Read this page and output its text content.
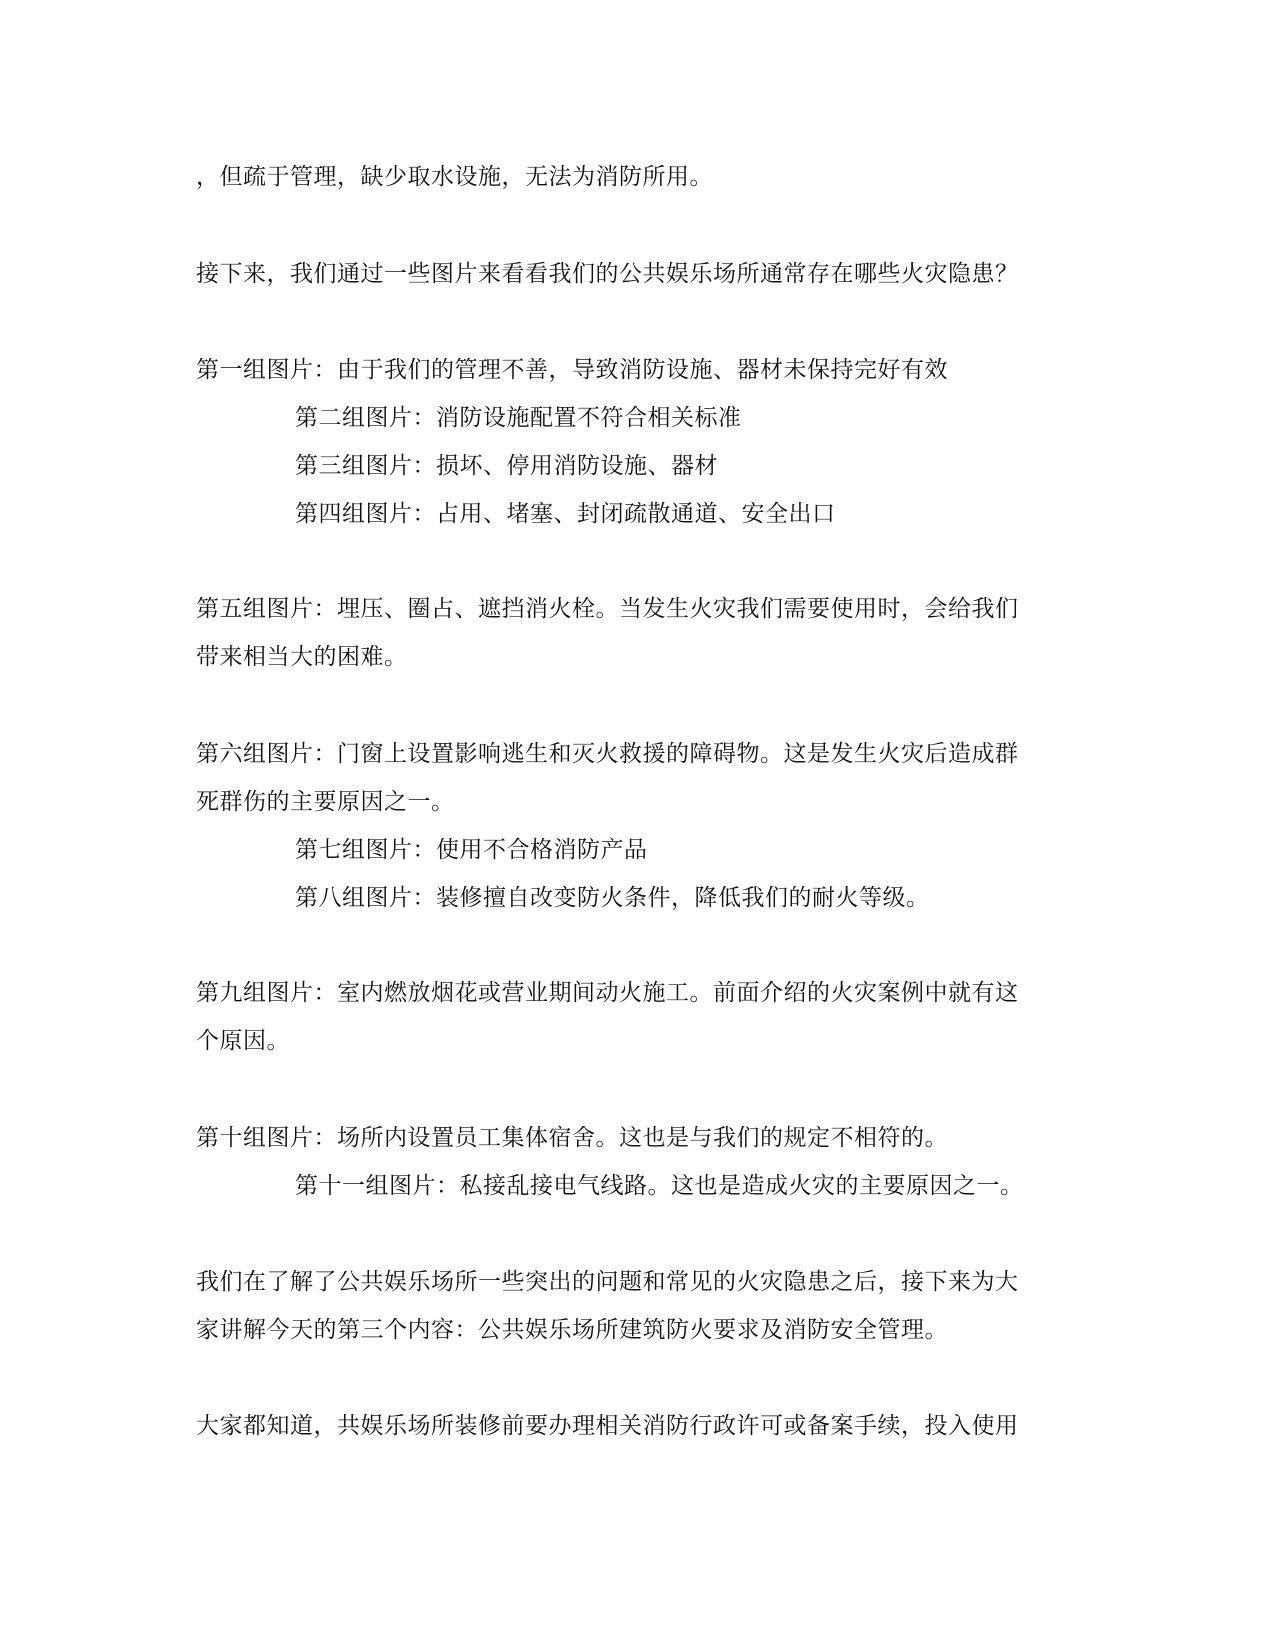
，但疏于管理，缺少取水设施，无法为消防所用。
接下来，我们通过一些图片来看看我们的公共娱乐场所通常存在哪些火灾隐患？
第一组图片：由于我们的管理不善，导致消防设施、器材未保持完好有效
第二组图片：消防设施配置不符合相关标准
第三组图片：损坏、停用消防设施、器材
第四组图片：占用、堵塞、封闭疏散通道、安全出口
第五组图片：埋压、圈占、遮挡消火栓。当发生火灾我们需要使用时，会给我们
带来相当大的困难。
第六组图片：门窗上设置影响逃生和灭火救援的障碍物。这是发生火灾后造成群
死群伤的主要原因之一。
第七组图片：使用不合格消防产品
第八组图片：装修擅自改变防火条件，降低我们的耐火等级。
第九组图片：室内燃放烟花或营业期间动火施工。前面介绍的火灾案例中就有这
个原因。
第十组图片：场所内设置员工集体宿舍。这也是与我们的规定不相符的。
第十一组图片：私接乱接电气线路。这也是造成火灾的主要原因之一。
我们在了解了公共娱乐场所一些突出的问题和常见的火灾隐患之后，接下来为大
家讲解今天的第三个内容：公共娱乐场所建筑防火要求及消防安全管理。
大家都知道，共娱乐场所装修前要办理相关消防行政许可或备案手续，投入使用
